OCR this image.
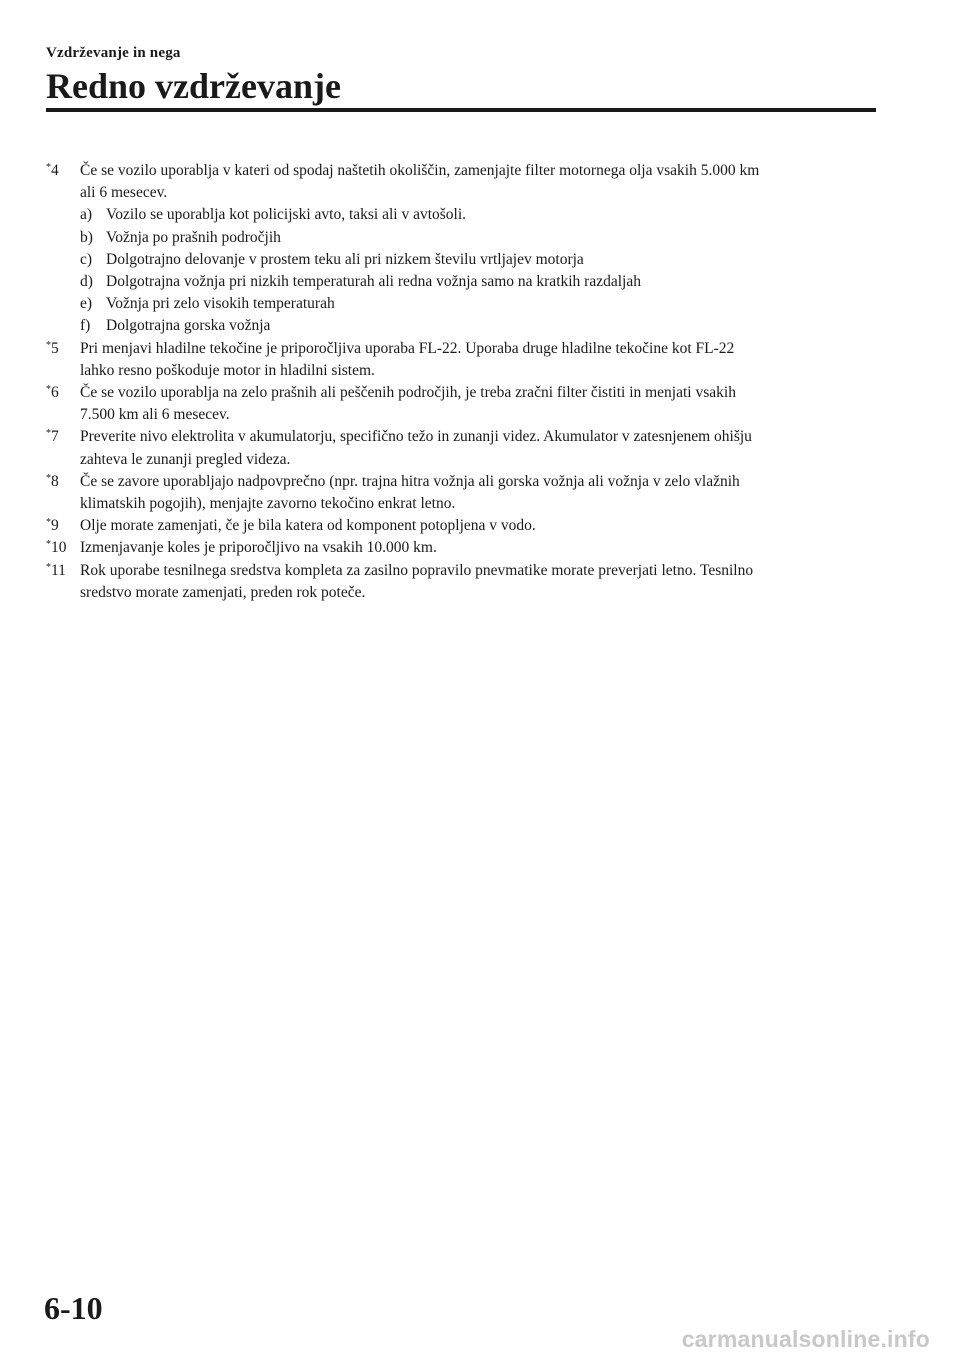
Vzdrževanje in nega
Redno vzdrževanje
*4	Če se vozilo uporablja v kateri od spodaj naštetih okoliščin, zamenjajte filter motornega olja vsakih 5.000 km
ali 6 mesecev.
a) Vozilo se uporablja kot policijski avto, taksi ali v avtošoli.
b) Vožnja po prašnih področjih
c) Dolgotrajno delovanje v prostem teku ali pri nizkem številu vrtljajev motorja
d) Dolgotrajna vožnja pri nizkih temperaturah ali redna vožnja samo na kratkih razdaljah
e) Vožnja pri zelo visokih temperaturah
f)	Dolgotrajna gorska vožnja
*5	Pri menjavi hladilne tekočine je priporočljiva uporaba FL-22. Uporaba druge hladilne tekočine kot FL-22
lahko resno poškoduje motor in hladilni sistem.
*6	Če se vozilo uporablja na zelo prašnih ali peščenih področjih, je treba zračni filter čistiti in menjati vsakih
7.500 km ali 6 mesecev.
*7	Preverite nivo elektrolita v akumulatorju, specifično težo in zunanji videz. Akumulator v zatesnjenem ohišju
zahteva le zunanji pregled videza.
*8	Če se zavore uporabljajo nadpovprečno (npr. trajna hitra vožnja ali gorska vožnja ali vožnja v zelo vlažnih
klimatskih pogojih), menjajte zavorno tekočino enkrat letno.
*9	Olje morate zamenjati, če je bila katera od komponent potopljena v vodo.
*10 Izmenjavanje koles je priporočljivo na vsakih 10.000 km.
*11 Rok uporabe tesnilnega sredstva kompleta za zasilno popravilo pnevmatike morate preverjati letno. Tesnilno
sredstvo morate zamenjati, preden rok poteče.
6-10
carmanualsonline.info
